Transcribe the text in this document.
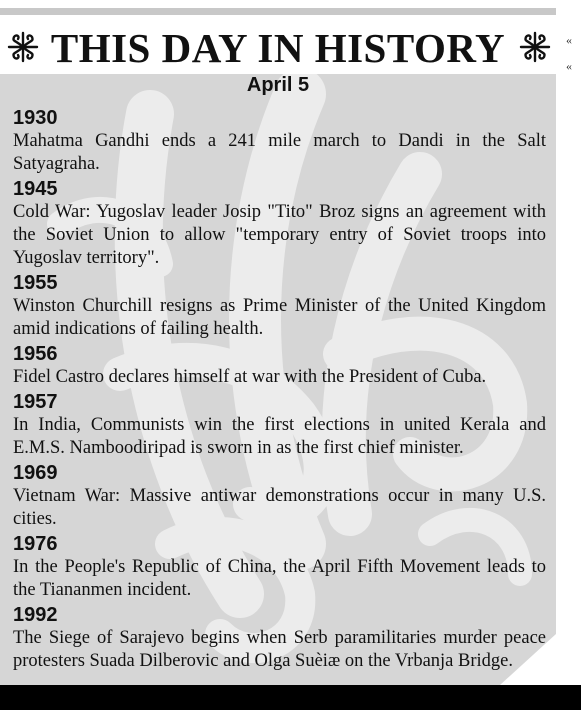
THIS DAY IN HISTORY
April 5
1930
Mahatma Gandhi ends a 241 mile march to Dandi in the Salt Satyagraha.
1945
Cold War: Yugoslav leader Josip "Tito" Broz signs an agreement with the Soviet Union to allow "temporary entry of Soviet troops into Yugoslav territory".
1955
Winston Churchill resigns as Prime Minister of the United Kingdom amid indications of failing health.
1956
Fidel Castro declares himself at war with the President of Cuba.
1957
In India, Communists win the first elections in united Kerala and E.M.S. Namboodiripad is sworn in as the first chief minister.
1969
Vietnam War: Massive antiwar demonstrations occur in many U.S. cities.
1976
In the People's Republic of China, the April Fifth Movement leads to the Tiananmen incident.
1992
The Siege of Sarajevo begins when Serb paramilitaries murder peace protesters Suada Dilberovic and Olga Suèiæ on the Vrbanja Bridge.
«
«
